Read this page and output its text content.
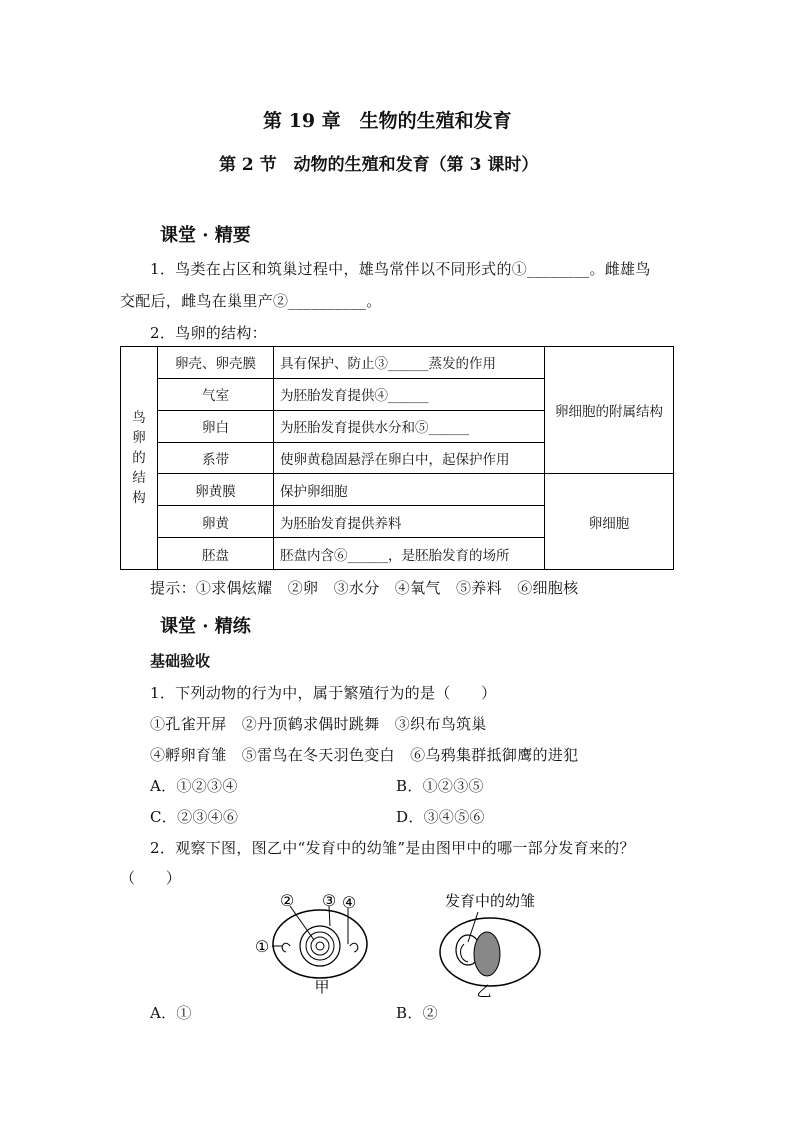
第 19 章　生物的生殖和发育
第 2 节　动物的生殖和发育（第 3 课时）
课堂 · 精要
1．鸟类在占区和筑巢过程中，雄鸟常伴以不同形式的①________。雌雄鸟
交配后，雌鸟在巢里产②__________。
2．鸟卵的结构：
鸟
卵
的
结
构	卵壳、卵壳膜	具有保护、防止③______蒸发的作用	卵细胞的附属结构
	气室	为胚胎发育提供④______	
	卵白	为胚胎发育提供水分和⑤______	
	系带	使卵黄稳固悬浮在卵白中，起保护作用	
	卵黄膜	保护卵细胞	卵细胞
	卵黄	为胚胎发育提供养料	
	胚盘	胚盘内含⑥______，是胚胎发育的场所	
提示：①求偶炫耀　②卵　③水分　④氧气　⑤养料　⑥细胞核
课堂 · 精练
基础验收
1．下列动物的行为中，属于繁殖行为的是（　　）
①孔雀开屏　②丹顶鹤求偶时跳舞　③织布鸟筑巢
④孵卵育雏　⑤雷鸟在冬天羽色变白　⑥乌鸦集群抵御鹰的进犯
A．①②③④	B．①②③⑤
C．②③④⑥	D．③④⑤⑥
2．观察下图，图乙中“发育中的幼雏”是由图甲中的哪一部分发育来的？
（　　）
② ③ ④
①
甲
发育中的幼雏
乙
A．①	B．②
